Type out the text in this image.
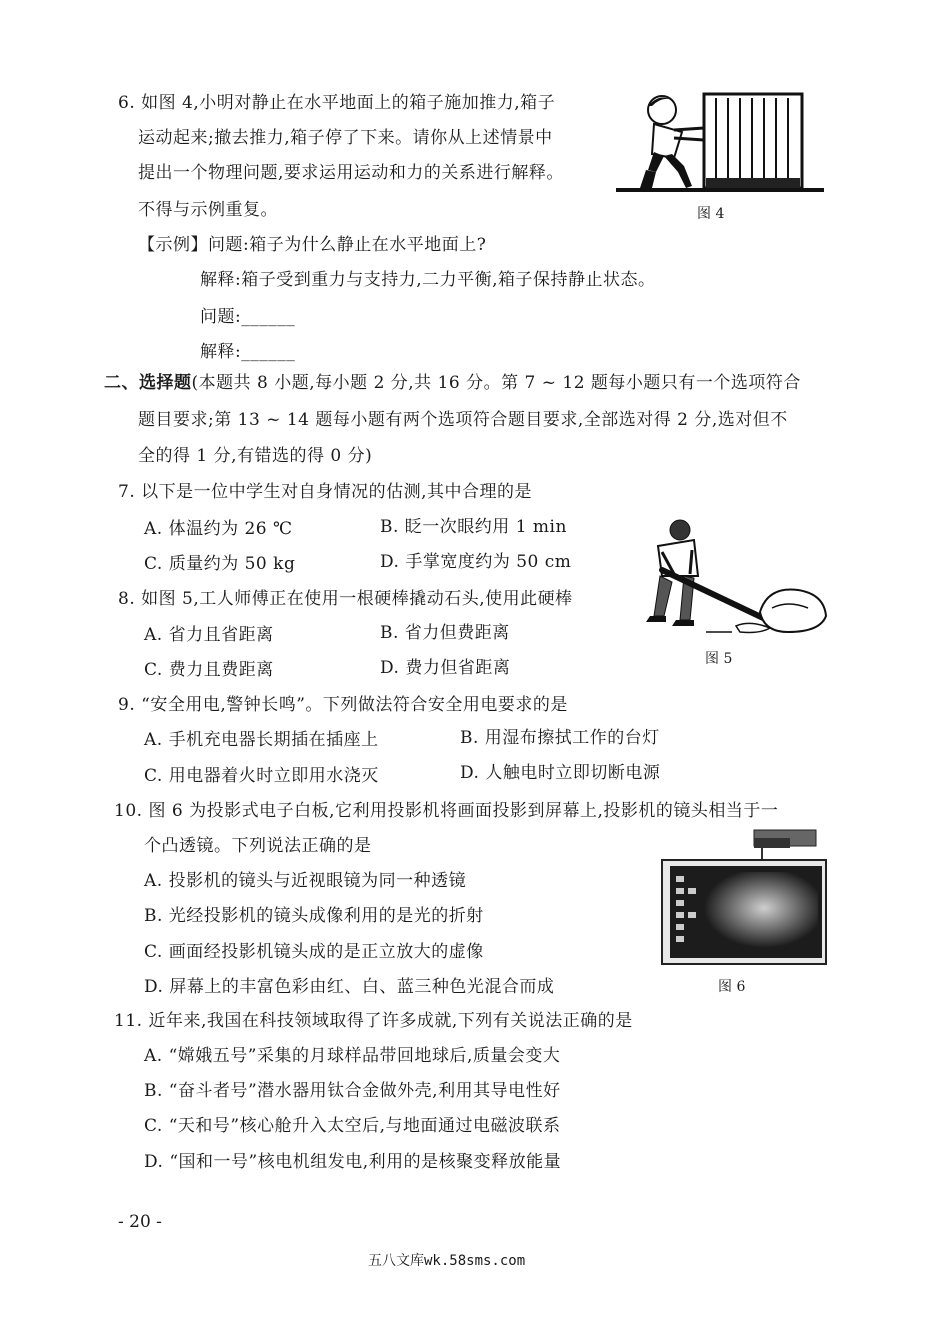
6. 如图 4,小明对静止在水平地面上的箱子施加推力,箱子
运动起来;撤去推力,箱子停了下来。请你从上述情景中
提出一个物理问题,要求运用运动和力的关系进行解释。
不得与示例重复。
【示例】问题:箱子为什么静止在水平地面上?
解释:箱子受到重力与支持力,二力平衡,箱子保持静止状态。
问题:______
解释:______
图 4
二、选择题(本题共 8 小题,每小题 2 分,共 16 分。第 7 ~ 12 题每小题只有一个选项符合
题目要求;第 13 ~ 14 题每小题有两个选项符合题目要求,全部选对得 2 分,选对但不
全的得 1 分,有错选的得 0 分)
7. 以下是一位中学生对自身情况的估测,其中合理的是
A. 体温约为 26 ℃	B. 眨一次眼约用 1 min
C. 质量约为 50 kg	D. 手掌宽度约为 50 cm
8. 如图 5,工人师傅正在使用一根硬棒撬动石头,使用此硬棒
A. 省力且省距离	B. 省力但费距离
C. 费力且费距离	D. 费力但省距离	图 5
9. “安全用电,警钟长鸣”。下列做法符合安全用电要求的是
A. 手机充电器长期插在插座上	B. 用湿布擦拭工作的台灯
C. 用电器着火时立即用水浇灭	D. 人触电时立即切断电源
10. 图 6 为投影式电子白板,它利用投影机将画面投影到屏幕上,投影机的镜头相当于一
个凸透镜。下列说法正确的是
A. 投影机的镜头与近视眼镜为同一种透镜
B. 光经投影机的镜头成像利用的是光的折射
C. 画面经投影机镜头成的是正立放大的虚像
D. 屏幕上的丰富色彩由红、白、蓝三种色光混合而成	图 6
11. 近年来,我国在科技领域取得了许多成就,下列有关说法正确的是
A. “嫦娥五号”采集的月球样品带回地球后,质量会变大
B. “奋斗者号”潜水器用钛合金做外壳,利用其导电性好
C. “天和号”核心舱升入太空后,与地面通过电磁波联系
D. “国和一号”核电机组发电,利用的是核聚变释放能量
- 20 -
五八文库wk.58sms.com
